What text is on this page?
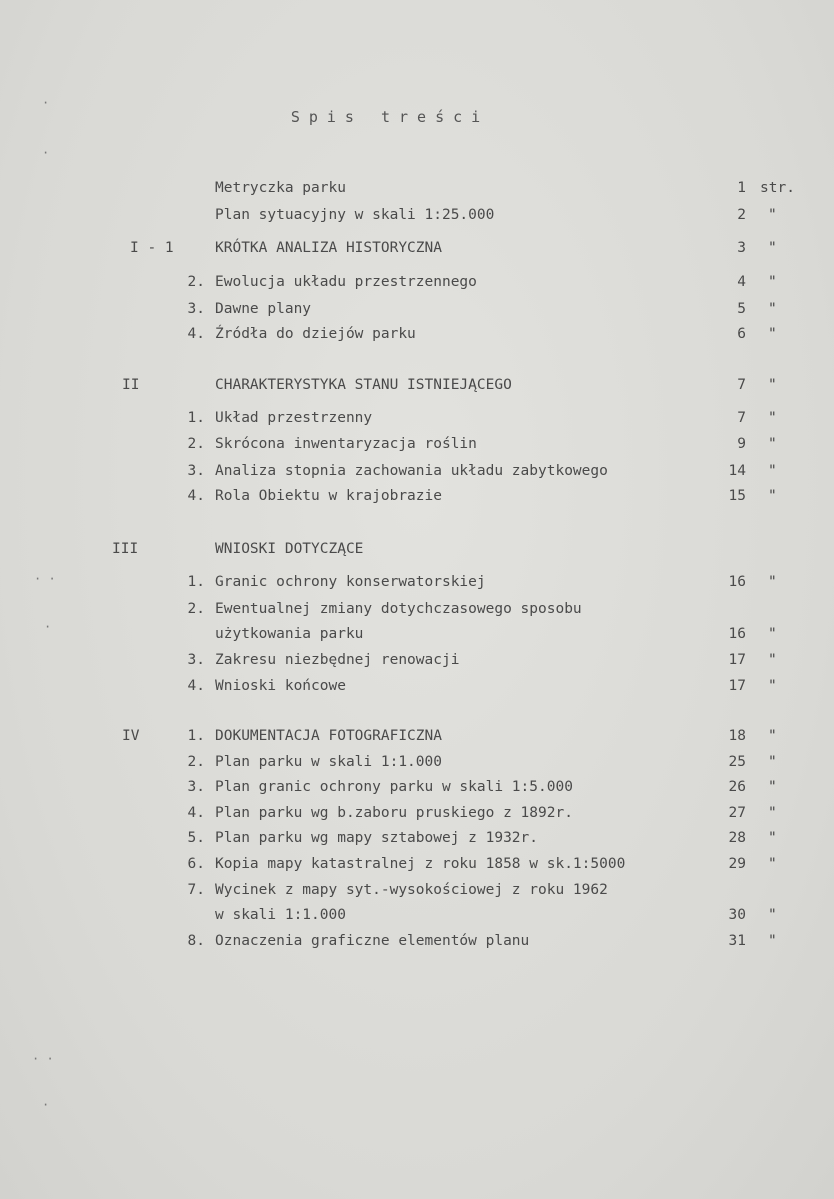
Spis treści
Metryczka parku	1 str.
Plan sytuacyjny w skali 1:25.000	2 "
I - 1	KRÓTKA ANALIZA HISTORYCZNA	3 "
2. Ewolucja układu przestrzennego	4 "
3. Dawne plany	5 "
4. Źródła do dziejów parku	6 "
II	CHARAKTERYSTYKA STANU ISTNIEJĄCEGO	7 "
1. Układ przestrzenny	7 "
2. Skrócona inwentaryzacja roślin	9 "
3. Analiza stopnia zachowania układu zabytkowego	14 "
4. Rola Obiektu w krajobrazie	15 "
III	WNIOSKI DOTYCZĄCE
1. Granic ochrony konserwatorskiej	16 "
2. Ewentualnej zmiany dotychczasowego sposobu
użytkowania parku	16 "
3. Zakresu niezbędnej renowacji	17 "
4. Wnioski końcowe	17 "
IV	1. DOKUMENTACJA FOTOGRAFICZNA	18 "
2. Plan parku w skali 1:1.000	25 "
3. Plan granic ochrony parku w skali 1:5.000	26 "
4. Plan parku wg b.zaboru pruskiego z 1892r.	27 "
5. Plan parku wg mapy sztabowej z 1932r.	28 "
6. Kopia mapy katastralnej z roku 1858 w sk.1:5000	29 "
7. Wycinek z mapy syt.-wysokościowej z roku 1962
w skali 1:1.000	30 "
8. Oznaczenia graficzne elementów planu	31 "
·
·
· ·
·
· ·
·
